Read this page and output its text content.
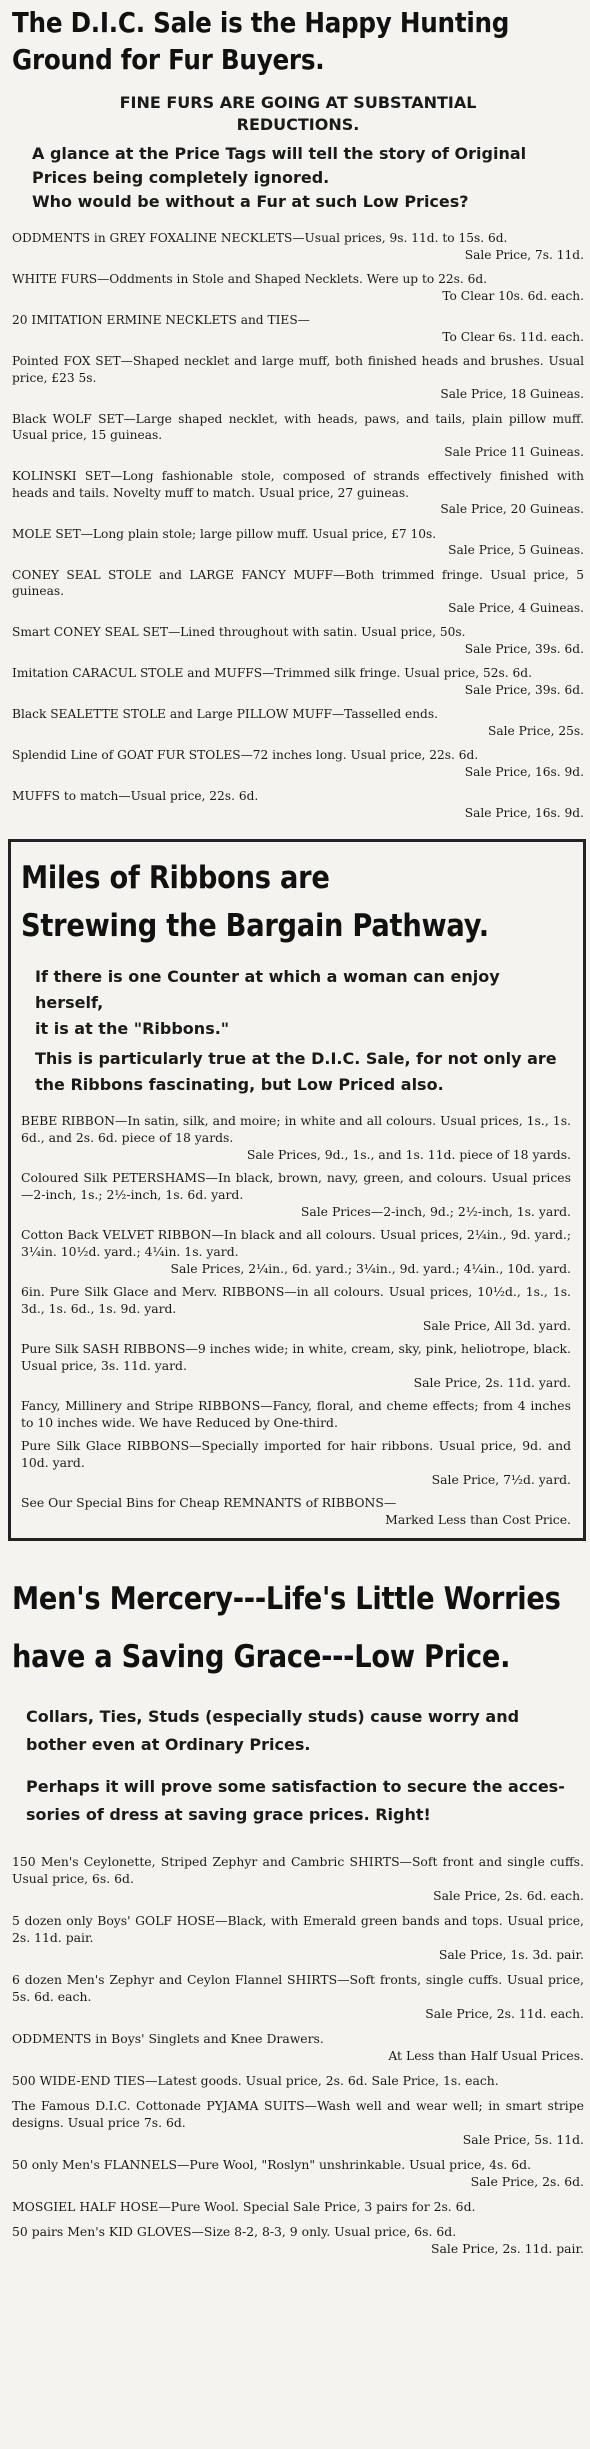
The D.I.C. Sale is the Happy Hunting
Ground for Fur Buyers.

FINE FURS ARE GOING AT SUBSTANTIAL

REDUCTIONS.

A glance at the Price Tags will tell the story of Original

Prices being completely ignored.

Who would be without a Fur at such Low Prices?

ODDMENTS in GREY FOXALINE NECKLETS—Usual prices, 9s. 11d. to 15s. 6d.
Sale Price, 7s. 11d.

WHITE FURS—Oddments in Stole and Shaped Necklets. Were up to 22s. 6d.
To Clear 10s. 6d. each.

20 IMITATION ERMINE NECKLETS and TIES—
To Clear 6s. 11d. each.

Pointed FOX SET—Shaped necklet and large muff, both finished heads and brushes. Usual price, £23 5s.
Sale Price, 18 Guineas.

Black WOLF SET—Large shaped necklet, with heads, paws, and tails, plain pillow muff. Usual price, 15 guineas.
Sale Price 11 Guineas.

KOLINSKI SET—Long fashionable stole, composed of strands effectively finished with heads and tails. Novelty muff to match. Usual price, 27 guineas.
Sale Price, 20 Guineas.

MOLE SET—Long plain stole; large pillow muff. Usual price, £7 10s.
Sale Price, 5 Guineas.

CONEY SEAL STOLE and LARGE FANCY MUFF—Both trimmed fringe. Usual price, 5 guineas.
Sale Price, 4 Guineas.

Smart CONEY SEAL SET—Lined throughout with satin. Usual price, 50s.
Sale Price, 39s. 6d.

Imitation CARACUL STOLE and MUFFS—Trimmed silk fringe. Usual price, 52s. 6d.
Sale Price, 39s. 6d.

Black SEALETTE STOLE and Large PILLOW MUFF—Tasselled ends.
Sale Price, 25s.

Splendid Line of GOAT FUR STOLES—72 inches long. Usual price, 22s. 6d.
Sale Price, 16s. 9d.

MUFFS to match—Usual price, 22s. 6d.
Sale Price, 16s. 9d.

Miles of Ribbons are
Strewing the Bargain Pathway.

If there is one Counter at which a woman can enjoy herself,

it is at the "Ribbons."

This is particularly true at the D.I.C. Sale, for not only are

the Ribbons fascinating, but Low Priced also.

BEBE RIBBON—In satin, silk, and moire; in white and all colours. Usual prices, 1s., 1s. 6d., and 2s. 6d. piece of 18 yards.
Sale Prices, 9d., 1s., and 1s. 11d. piece of 18 yards.

Coloured Silk PETERSHAMS—In black, brown, navy, green, and colours. Usual prices—2-inch, 1s.; 2½-inch, 1s. 6d. yard.
Sale Prices—2-inch, 9d.; 2½-inch, 1s. yard.

Cotton Back VELVET RIBBON—In black and all colours. Usual prices, 2¼in., 9d. yard.; 3¼in. 10½d. yard.; 4¼in. 1s. yard.
Sale Prices, 2¼in., 6d. yard.; 3¼in., 9d. yard.; 4¼in., 10d. yard.

6in. Pure Silk Glace and Merv. RIBBONS—in all colours. Usual prices, 10½d., 1s., 1s. 3d., 1s. 6d., 1s. 9d. yard.
Sale Price, All 3d. yard.

Pure Silk SASH RIBBONS—9 inches wide; in white, cream, sky, pink, heliotrope, black. Usual price, 3s. 11d. yard.
Sale Price, 2s. 11d. yard.

Fancy, Millinery and Stripe RIBBONS—Fancy, floral, and cheme effects; from 4 inches to 10 inches wide. We have Reduced by One-third.

Pure Silk Glace RIBBONS—Specially imported for hair ribbons. Usual price, 9d. and 10d. yard.
Sale Price, 7½d. yard.

See Our Special Bins for Cheap REMNANTS of RIBBONS—
Marked Less than Cost Price.

Men's Mercery---Life's Little Worries
have a Saving Grace---Low Price.

Collars, Ties, Studs (especially studs) cause worry and

bother even at Ordinary Prices.

Perhaps it will prove some satisfaction to secure the acces-

sories of dress at saving grace prices. Right!

150 Men's Ceylonette, Striped Zephyr and Cambric SHIRTS—Soft front and single cuffs. Usual price, 6s. 6d.
Sale Price, 2s. 6d. each.

5 dozen only Boys' GOLF HOSE—Black, with Emerald green bands and tops. Usual price, 2s. 11d. pair.
Sale Price, 1s. 3d. pair.

6 dozen Men's Zephyr and Ceylon Flannel SHIRTS—Soft fronts, single cuffs. Usual price, 5s. 6d. each.
Sale Price, 2s. 11d. each.

ODDMENTS in Boys' Singlets and Knee Drawers.
At Less than Half Usual Prices.

500 WIDE-END TIES—Latest goods. Usual price, 2s. 6d. Sale Price, 1s. each.

The Famous D.I.C. Cottonade PYJAMA SUITS—Wash well and wear well; in smart stripe designs. Usual price 7s. 6d.
Sale Price, 5s. 11d.

50 only Men's FLANNELS—Pure Wool, "Roslyn" unshrinkable. Usual price, 4s. 6d.
Sale Price, 2s. 6d.

MOSGIEL HALF HOSE—Pure Wool. Special Sale Price, 3 pairs for 2s. 6d.

50 pairs Men's KID GLOVES—Size 8-2, 8-3, 9 only. Usual price, 6s. 6d.
Sale Price, 2s. 11d. pair.
